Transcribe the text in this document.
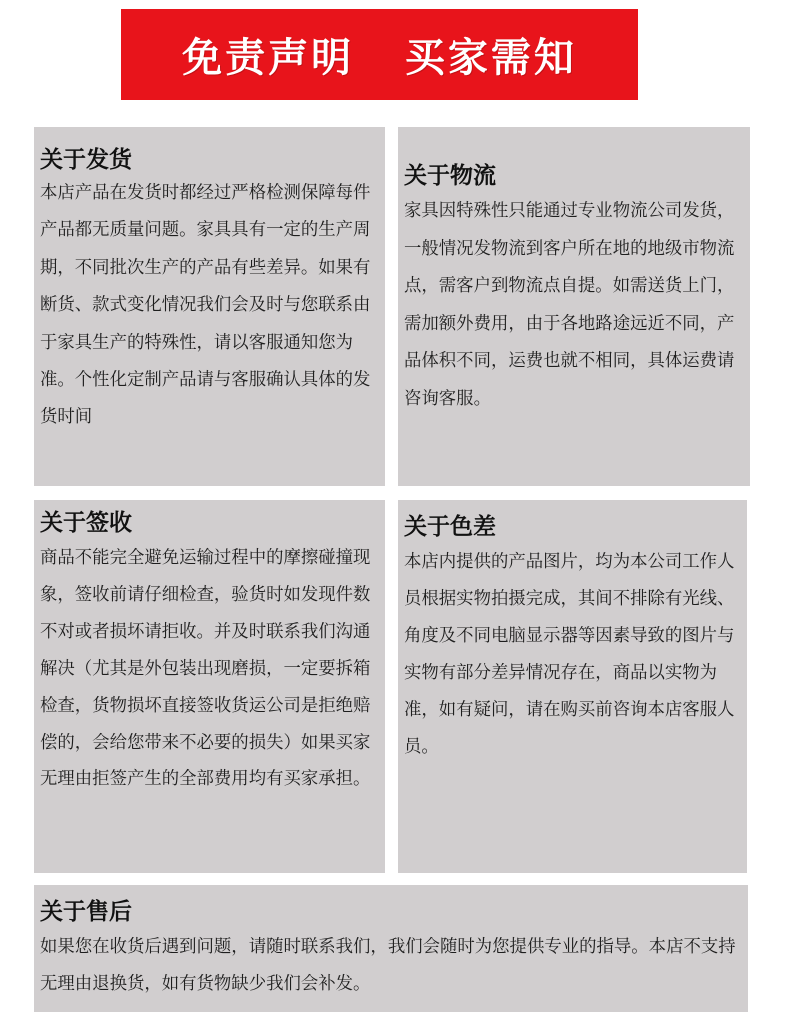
免责声明   买家需知
关于发货

本店产品在发货时都经过严格检测保障每件产品都无质量问题。家具具有一定的生产周期，不同批次生产的产品有些差异。如果有断货、款式变化情况我们会及时与您联系由于家具生产的特殊性，请以客服通知您为准。个性化定制产品请与客服确认具体的发货时间

关于物流

家具因特殊性只能通过专业物流公司发货，一般情况发物流到客户所在地的地级市物流点，需客户到物流点自提。如需送货上门，需加额外费用，由于各地路途远近不同，产品体积不同，运费也就不相同，具体运费请咨询客服。

关于签收

商品不能完全避免运输过程中的摩擦碰撞现象，签收前请仔细检查，验货时如发现件数不对或者损坏请拒收。并及时联系我们沟通解决（尤其是外包装出现磨损，一定要拆箱检查，货物损坏直接签收货运公司是拒绝赔偿的，会给您带来不必要的损失）如果买家无理由拒签产生的全部费用均有买家承担。

关于色差

本店内提供的产品图片，均为本公司工作人员根据实物拍摄完成，其间不排除有光线、角度及不同电脑显示器等因素导致的图片与实物有部分差异情况存在，商品以实物为准，如有疑问，请在购买前咨询本店客服人员。

关于售后

如果您在收货后遇到问题，请随时联系我们，我们会随时为您提供专业的指导。本店不支持无理由退换货，如有货物缺少我们会补发。
